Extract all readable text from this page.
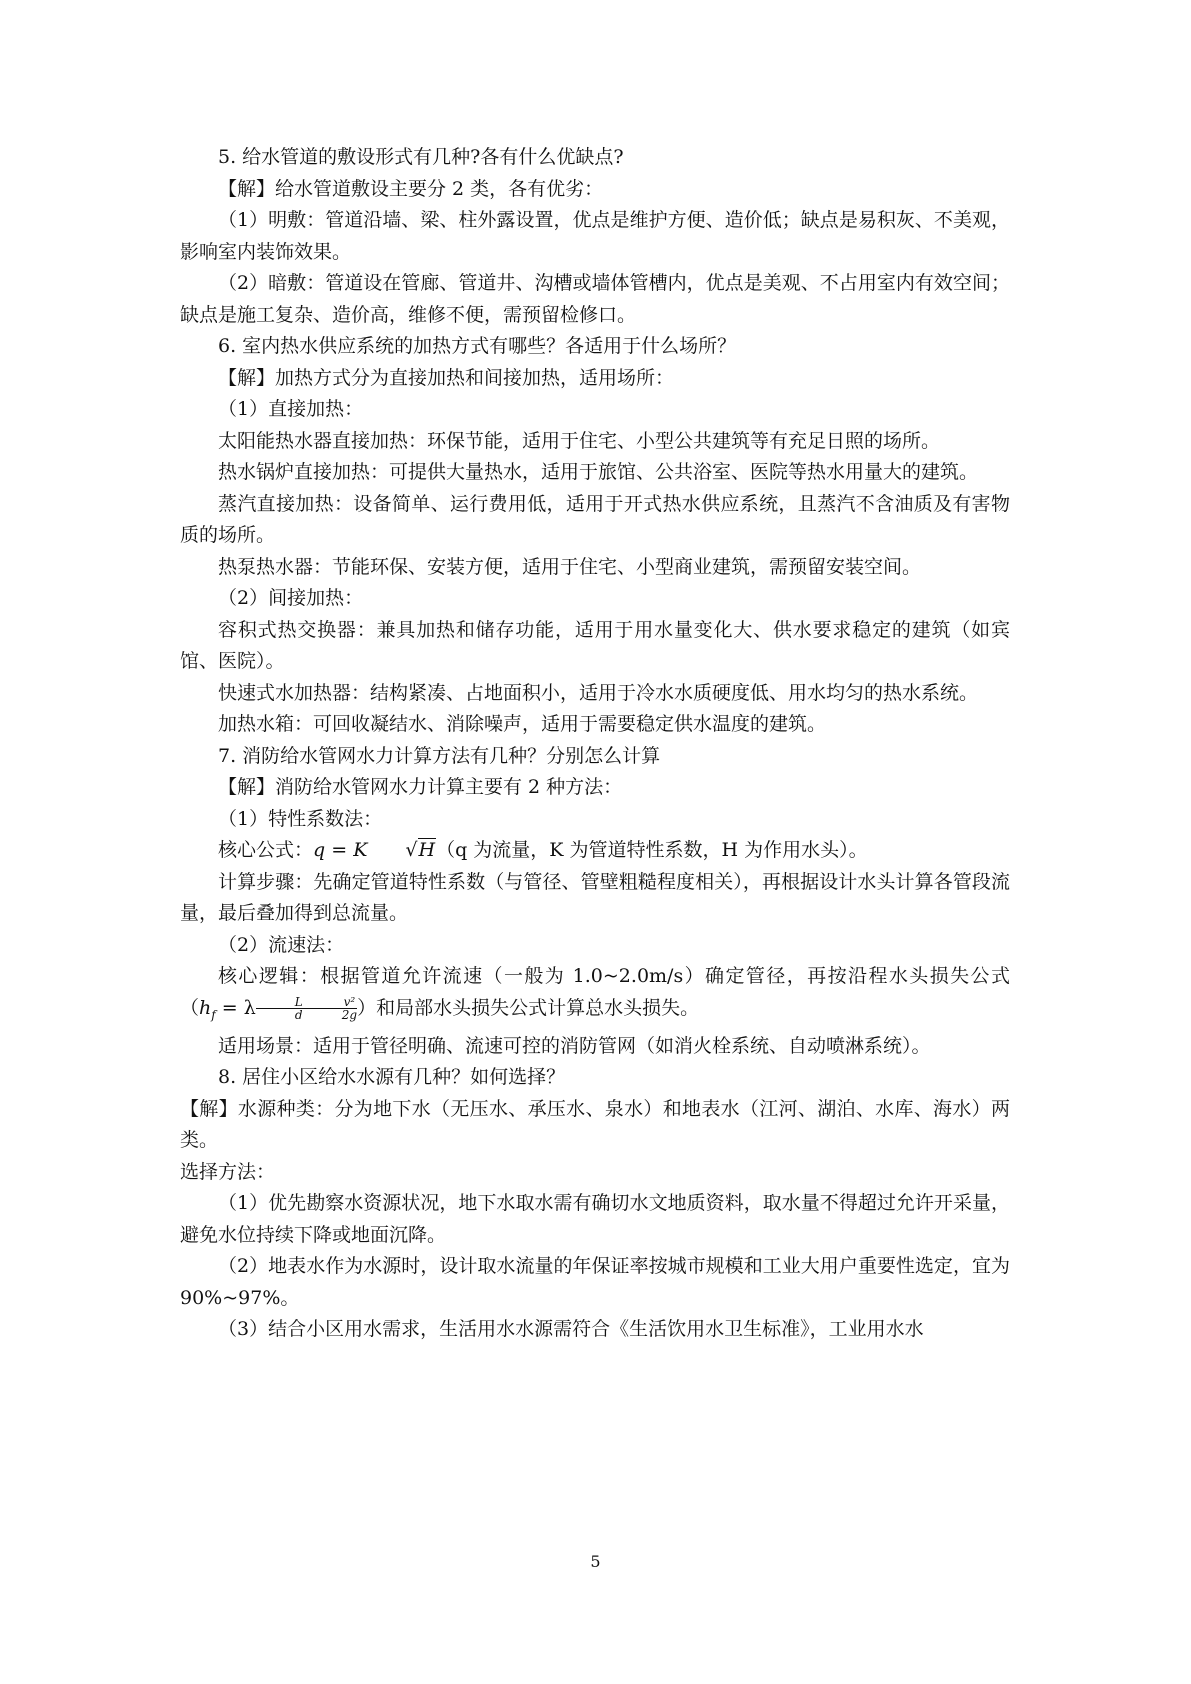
5. 给水管道的敷设形式有几种?各有什么优缺点?

【解】给水管道敷设主要分 2 类，各有优劣：

（1）明敷：管道沿墙、梁、柱外露设置，优点是维护方便、造价低；缺点是易积灰、不美观，影响室内装饰效果。

（2）暗敷：管道设在管廊、管道井、沟槽或墙体管槽内，优点是美观、不占用室内有效空间；缺点是施工复杂、造价高，维修不便，需预留检修口。

6. 室内热水供应系统的加热方式有哪些？各适用于什么场所？

【解】加热方式分为直接加热和间接加热，适用场所：

（1）直接加热：

太阳能热水器直接加热：环保节能，适用于住宅、小型公共建筑等有充足日照的场所。

热水锅炉直接加热：可提供大量热水，适用于旅馆、公共浴室、医院等热水用量大的建筑。

蒸汽直接加热：设备简单、运行费用低，适用于开式热水供应系统，且蒸汽不含油质及有害物质的场所。

热泵热水器：节能环保、安装方便，适用于住宅、小型商业建筑，需预留安装空间。

（2）间接加热：

容积式热交换器：兼具加热和储存功能，适用于用水量变化大、供水要求稳定的建筑（如宾馆、医院）。

快速式水加热器：结构紧凑、占地面积小，适用于冷水水质硬度低、用水均匀的热水系统。

加热水箱：可回收凝结水、消除噪声，适用于需要稳定供水温度的建筑。

7. 消防给水管网水力计算方法有几种？分别怎么计算

【解】消防给水管网水力计算主要有 2 种方法：

（1）特性系数法：

核心公式：q = K √H（q 为流量，K 为管道特性系数，H 为作用水头）。

计算步骤：先确定管道特性系数（与管径、管壁粗糙程度相关），再根据设计水头计算各管段流量，最后叠加得到总流量。

（2）流速法：

核心逻辑：根据管道允许流速（一般为 1.0~2.0m/s）确定管径，再按沿程水头损失公式（$h_f = \lambda \frac{L}{d} \frac{\text{v²}}{2g}$ ）和局部水头损失公式计算总水头损失。

适用场景：适用于管径明确、流速可控的消防管网（如消火栓系统、自动喷淋系统）。

8. 居住小区给水水源有几种？如何选择？

【解】水源种类：分为地下水（无压水、承压水、泉水）和地表水（江河、湖泊、水库、海水）两类。

选择方法：

（1）优先勘察水资源状况，地下水取水需有确切水文地质资料，取水量不得超过允许开采量，避免水位持续下降或地面沉降。

（2）地表水作为水源时，设计取水流量的年保证率按城市规模和工业大用户重要性选定，宜为 90%~97%。

（3）结合小区用水需求，生活用水水源需符合《生活饮用水卫生标准》，工业用水水

5
